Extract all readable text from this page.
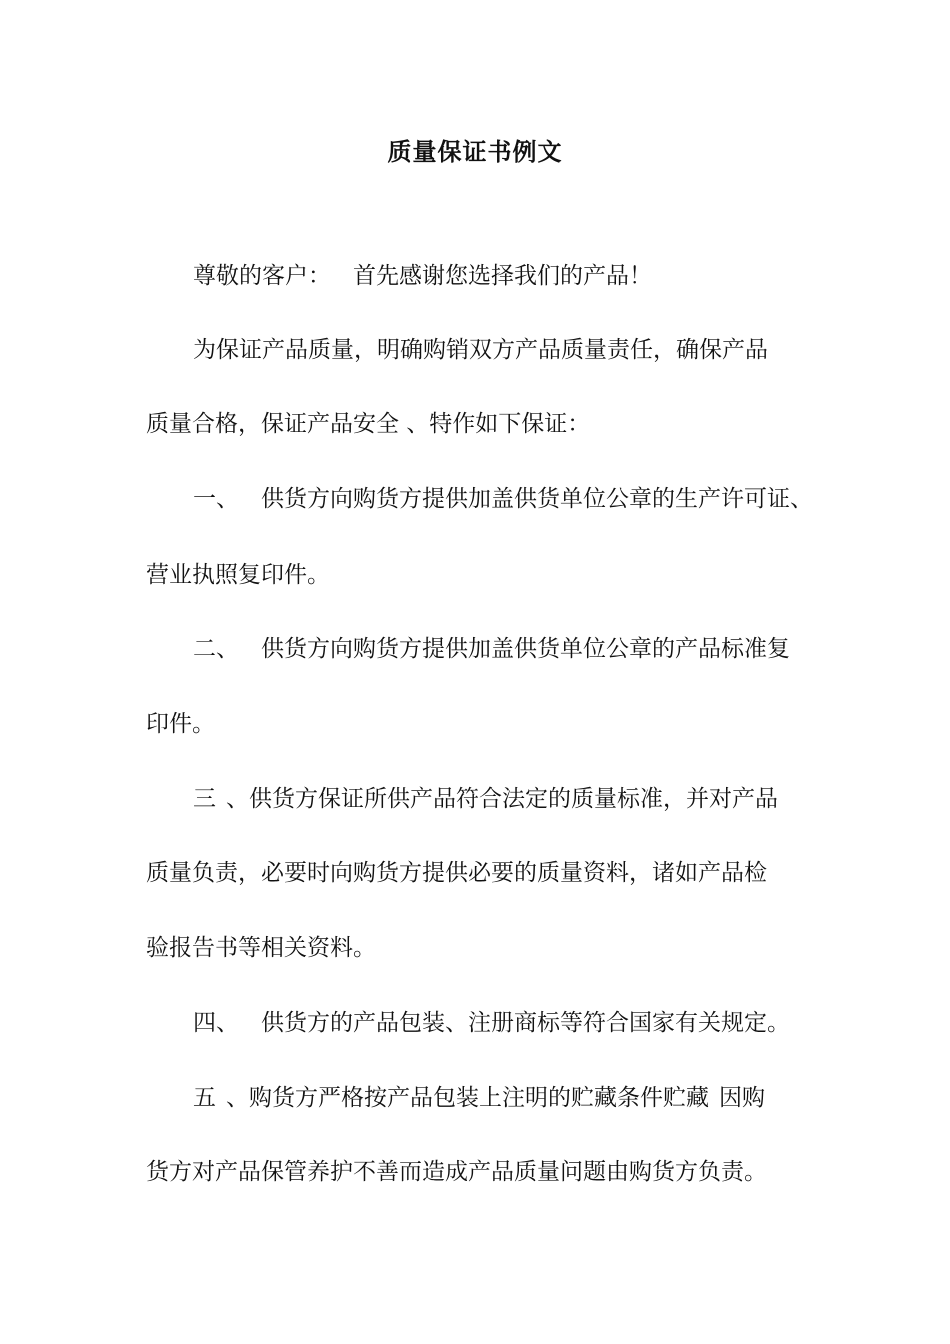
质量保证书例文
尊敬的客户： 首先感谢您选择我们的产品！
为保证产品质量，明确购销双方产品质量责任，确保产品
质量合格，保证产品安全 、特作如下保证：
一、 供货方向购货方提供加盖供货单位公章的生产许可证、
营业执照复印件。
二、 供货方向购货方提供加盖供货单位公章的产品标准复
印件。
三 、供货方保证所供产品符合法定的质量标准，并对产品
质量负责，必要时向购货方提供必要的质量资料，诸如产品检
验报告书等相关资料。
四、 供货方的产品包装、注册商标等符合国家有关规定。
五 、购货方严格按产品包装上注明的贮藏条件贮藏 因购
货方对产品保管养护不善而造成产品质量问题由购货方负责。
